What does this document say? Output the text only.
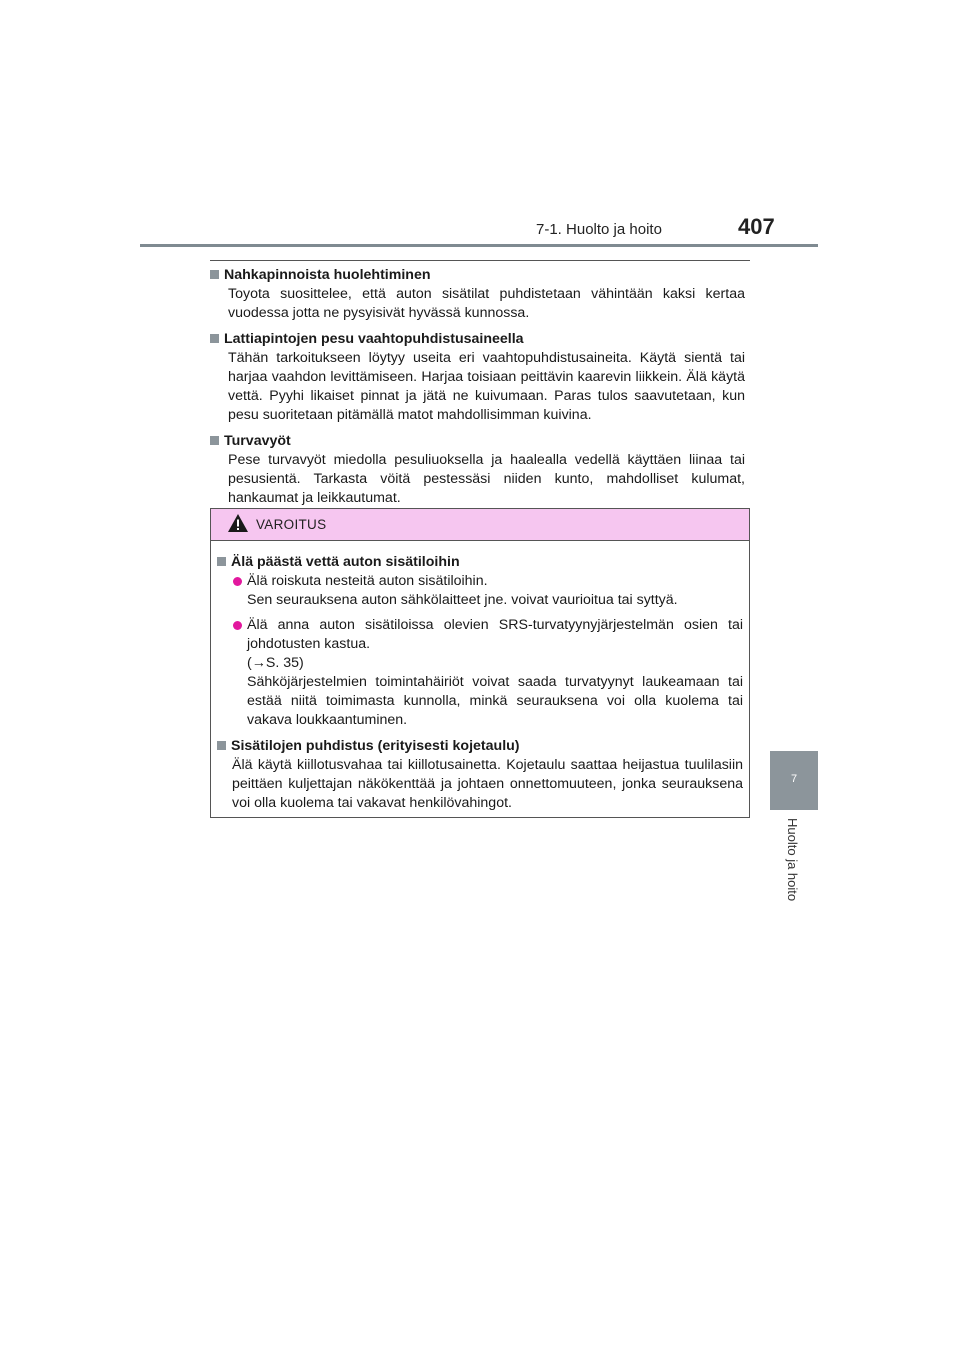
7-1. Huolto ja hoito	407
7
Huolto ja hoito
Nahkapinnoista huolehtiminen
Toyota suosittelee, että auton sisätilat puhdistetaan vähintään kaksi kertaa vuodessa jotta ne pysyisivät hyvässä kunnossa.
Lattiapintojen pesu vaahtopuhdistusaineella
Tähän tarkoitukseen löytyy useita eri vaahtopuhdistusaineita. Käytä sientä tai harjaa vaahdon levittämiseen. Harjaa toisiaan peittävin kaarevin liikkein. Älä käytä vettä. Pyyhi likaiset pinnat ja jätä ne kuivumaan. Paras tulos saavutetaan, kun pesu suoritetaan pitämällä matot mahdollisimman kuivina.
Turvavyöt
Pese turvavyöt miedolla pesuliuoksella ja haalealla vedellä käyttäen liinaa tai pesusientä. Tarkasta vöitä pestessäsi niiden kunto, mahdolliset kulumat, hankaumat ja leikkautumat.
VAROITUS
Älä päästä vettä auton sisätiloihin
Älä roiskuta nesteitä auton sisätiloihin.
Sen seurauksena auton sähkölaitteet jne. voivat vaurioitua tai syttyä.
Älä anna auton sisätiloissa olevien SRS-turvatyynyjärjestelmän osien tai johdotusten kastua.
(→S. 35)
Sähköjärjestelmien toimintahäiriöt voivat saada turvatyynyt laukeamaan tai estää niitä toimimasta kunnolla, minkä seurauksena voi olla kuolema tai vakava loukkaantuminen.
Sisätilojen puhdistus (erityisesti kojetaulu)
Älä käytä kiillotusvahaa tai kiillotusainetta. Kojetaulu saattaa heijastua tuulilasiin peittäen kuljettajan näkökenttää ja johtaen onnettomuuteen, jonka seurauksena voi olla kuolema tai vakavat henkilövahingot.
